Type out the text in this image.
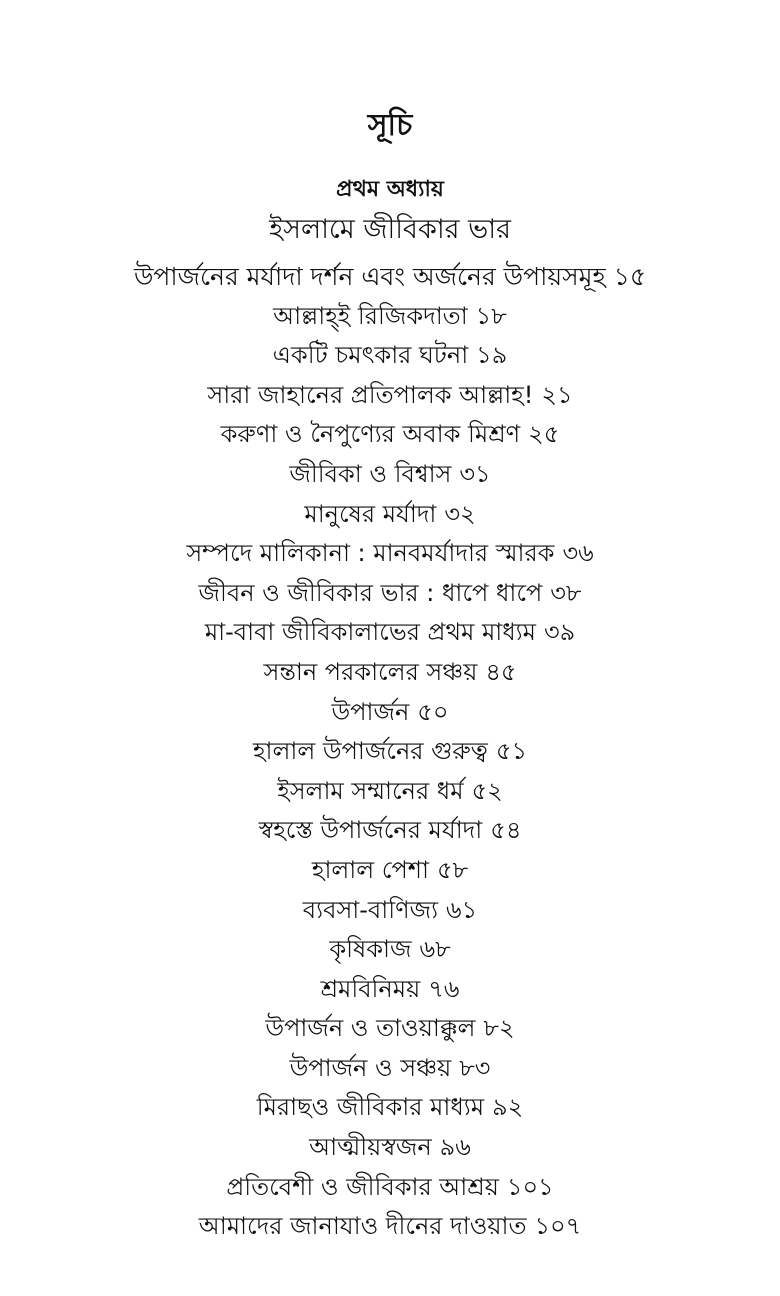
সূচি
প্রথম অধ্যায়
ইসলামে জীবিকার ভার
উপার্জনের মর্যাদা দর্শন এবং অর্জনের উপায়সমূহ ১৫
আল্লাহ্ই রিজিকদাতা ১৮
একটি চমৎকার ঘটনা ১৯
সারা জাহানের প্রতিপালক আল্লাহ! ২১
করুণা ও নৈপুণ্যের অবাক মিশ্রণ ২৫
জীবিকা ও বিশ্বাস ৩১
মানুষের মর্যাদা ৩২
সম্পদে মালিকানা : মানবমর্যাদার স্মারক ৩৬
জীবন ও জীবিকার ভার : ধাপে ধাপে ৩৮
মা-বাবা জীবিকালাভের প্রথম মাধ্যম ৩৯
সন্তান পরকালের সঞ্চয় ৪৫
উপার্জন ৫০
হালাল উপার্জনের গুরুত্ব ৫১
ইসলাম সম্মানের ধর্ম ৫২
স্বহস্তে উপার্জনের মর্যাদা ৫৪
হালাল পেশা ৫৮
ব্যবসা-বাণিজ্য ৬১
কৃষিকাজ ৬৮
শ্রমবিনিময় ৭৬
উপার্জন ও তাওয়াক্কুল ৮২
উপার্জন ও সঞ্চয় ৮৩
মিরাছও জীবিকার মাধ্যম ৯২
আত্মীয়স্বজন ৯৬
প্রতিবেশী ও জীবিকার আশ্রয় ১০১
আমাদের জানাযাও দীনের দাওয়াত ১০৭
